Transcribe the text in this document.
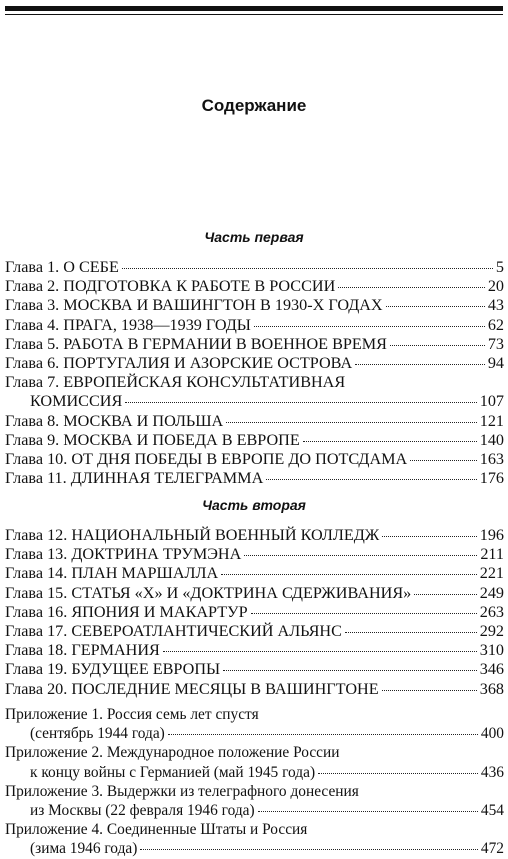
Содержание
Часть первая
Глава 1. О СЕБЕ	5
Глава 2. ПОДГОТОВКА К РАБОТЕ В РОССИИ	20
Глава 3. МОСКВА И ВАШИНГТОН В 1930-Х ГОДАХ	43
Глава 4. ПРАГА, 1938—1939 ГОДЫ	62
Глава 5. РАБОТА В ГЕРМАНИИ В ВОЕННОЕ ВРЕМЯ	73
Глава 6. ПОРТУГАЛИЯ И АЗОРСКИЕ ОСТРОВА	94
Глава 7. ЕВРОПЕЙСКАЯ КОНСУЛЬТАТИВНАЯ
КОМИССИЯ	107
Глава 8. МОСКВА И ПОЛЬША	121
Глава 9. МОСКВА И ПОБЕДА В ЕВРОПЕ	140
Глава 10. ОТ ДНЯ ПОБЕДЫ В ЕВРОПЕ ДО ПОТСДАМА	163
Глава 11. ДЛИННАЯ ТЕЛЕГРАММА	176
Часть вторая
Глава 12. НАЦИОНАЛЬНЫЙ ВОЕННЫЙ КОЛЛЕДЖ	196
Глава 13. ДОКТРИНА ТРУМЭНА	211
Глава 14. ПЛАН МАРШАЛЛА	221
Глава 15. СТАТЬЯ «Х» И «ДОКТРИНА СДЕРЖИВАНИЯ»	249
Глава 16. ЯПОНИЯ И МАКАРТУР	263
Глава 17. СЕВЕРОАТЛАНТИЧЕСКИЙ АЛЬЯНС	292
Глава 18. ГЕРМАНИЯ	310
Глава 19. БУДУЩЕЕ ЕВРОПЫ	346
Глава 20. ПОСЛЕДНИЕ МЕСЯЦЫ В ВАШИНГТОНЕ	368
Приложение 1. Россия семь лет спустя
(сентябрь 1944 года)	400
Приложение 2. Международное положение России
к концу войны с Германией (май 1945 года)	436
Приложение 3. Выдержки из телеграфного донесения
из Москвы (22 февраля 1946 года)	454
Приложение 4. Соединенные Штаты и Россия
(зима 1946 года)	472
